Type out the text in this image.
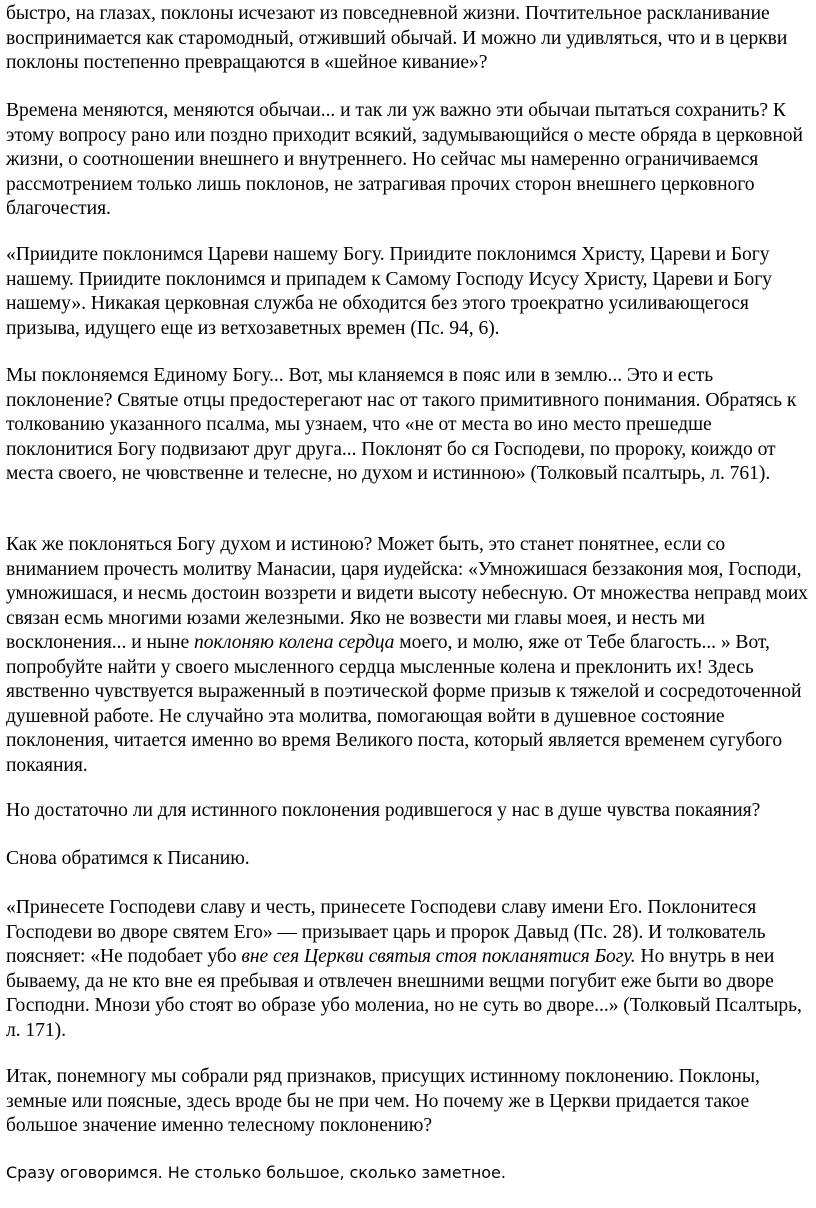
быстро, на глазах, поклоны исчезают из повседневной жизни. Почтительное раскланивание воспринимается как старомодный, отживший обычай. И можно ли удивляться, что и в церкви поклоны постепенно превращаются в «шейное кивание»?

Времена меняются, меняются обычаи... и так ли уж важно эти обычаи пытаться сохранить? К этому вопросу рано или поздно приходит всякий, задумывающийся о месте обряда в церковной жизни, о соотношении внешнего и внутреннего. Но сейчас мы намеренно ограничиваемся рассмотрением только лишь поклонов, не затрагивая прочих сторон внешнего церковного благочестия.

«Приидите поклонимся Цареви нашему Богу. Приидите поклонимся Христу, Цареви и Богу нашему. Приидите поклонимся и припадем к Самому Господу Исусу Христу, Цареви и Богу нашему». Никакая церковная служба не обходится без этого троекратно усиливающегося призыва, идущего еще из ветхозаветных времен (Пс. 94, 6).

Мы поклоняемся Единому Богу... Вот, мы кланяемся в пояс или в землю... Это и есть поклонение? Святые отцы предостерегают нас от такого примитивного понимания. Обратясь к толкованию указанного псалма, мы узнаем, что «не от места во ино место прешедше поклонитися Богу подвизают друг друга... Поклонят бо ся Господеви, по пророку, коиждо от места своего, не чювственне и телесне, но духом и истинною» (Толковый псалтырь, л. 761).

Как же поклоняться Богу духом и истиною? Может быть, это станет понятнее, если со вниманием прочесть молитву Манасии, царя иудейска: «Умножишася беззакония моя, Господи, умножишася, и несмь достоин воззрети и видети высоту небесную. От множества неправд моих связан есмь многими юзами железными. Яко не возвести ми главы моея, и несть ми восклонения... и ныне поклоняю колена сердца моего, и молю, яже от Тебе благость... » Вот, попробуйте найти у своего мысленного сердца мысленные колена и преклонить их! Здесь явственно чувствуется выраженный в поэтической форме призыв к тяжелой и сосредоточенной душевной работе. Не случайно эта молитва, помогающая войти в душевное состояние поклонения, читается именно во время Великого поста, который является временем сугубого покаяния.

Но достаточно ли для истинного поклонения родившегося у нас в душе чувства покаяния?

Снова обратимся к Писанию.

«Принесете Господеви славу и честь, принесете Господеви славу имени Его. Поклонитеся Господеви во дворе святем Его» — призывает царь и пророк Давыд (Пс. 28). И толкователь поясняет: «Не подобает убо вне сея Церкви святыя стоя покланятися Богу. Но внутрь в неи бываему, да не кто вне ея пребывая и отвлечен внешними вещми погубит еже быти во дворе Господни. Мнози убо стоят во образе убо молениа, но не суть во дворе...» (Толковый Псалтырь, л. 171).

Итак, понемногу мы собрали ряд признаков, присущих истинному поклонению. Поклоны, земные или поясные, здесь вроде бы не при чем. Но почему же в Церкви придается такое большое значение именно телесному поклонению?

Сразу оговоримся. Не столько большое, сколько заметное.
